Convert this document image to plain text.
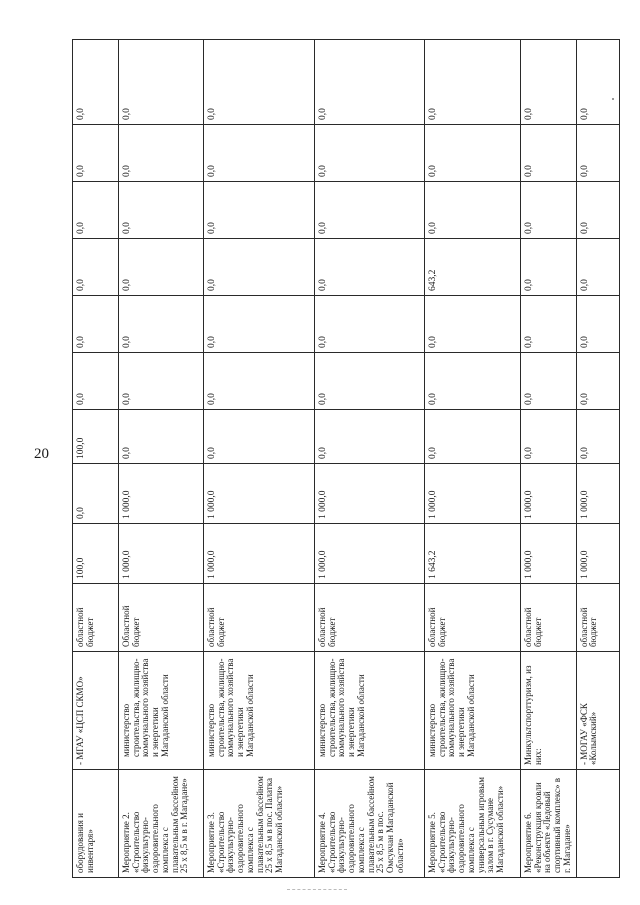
20
оборудования и инвентаря»	- МГАУ «ЦСП СКМО»	областной бюджет	100,0	0,0	100,0	0,0	0,0	0,0	0,0	0,0	0,0
Мероприятие 2. «Строительство физкультурно-оздоровительного комплекса с плавательным бассейном 25 х 8,5 м в г. Магадане»	министерство строительства, жилищно-коммунального хозяйства и энергетики Магаданской области	Областной бюджет	1 000,0	1 000,0	0,0	0,0	0,0	0,0	0,0	0,0	0,0
Мероприятие 3. «Строительство физкультурно-оздоровительного комплекса с плавательным бассейном 25 х 8,5 м в пос. Палатка Магаданской области»	министерство строительства, жилищно-коммунального хозяйства и энергетики Магаданской области	областной бюджет	1 000,0	1 000,0	0,0	0,0	0,0	0,0	0,0	0,0	0,0
Мероприятие 4. «Строительство физкультурно-оздоровительного комплекса с плавательным бассейном 25 х 8,5 м в пос. Омсукчан Магаданской области»	министерство строительства, жилищно-коммунального хозяйства и энергетики Магаданской области	областной бюджет	1 000,0	1 000,0	0,0	0,0	0,0	0,0	0,0	0,0	0,0
Мероприятие 5. «Строительство физкультурно-оздоровительного комплекса с универсальным игровым залом в г. Сусумане Магаданской области»	министерство строительства, жилищно-коммунального хозяйства и энергетики Магаданской области	областной бюджет	1 643,2	1 000,0	0,0	0,0	0,0	643,2	0,0	0,0	0,0
Мероприятие 6. «Реконструкция кровли на объекте «Ледовый спортивный комплекс» в г. Магадане»	Минкультспорттуризм, из них:	областной бюджет	1 000,0	1 000,0	0,0	0,0	0,0	0,0	0,0	0,0	0,0
	- МОГАУ «ФСК «Колымский»	областной бюджет	1 000,0	1 000,0	0,0	0,0	0,0	0,0	0,0	0,0	0,0
